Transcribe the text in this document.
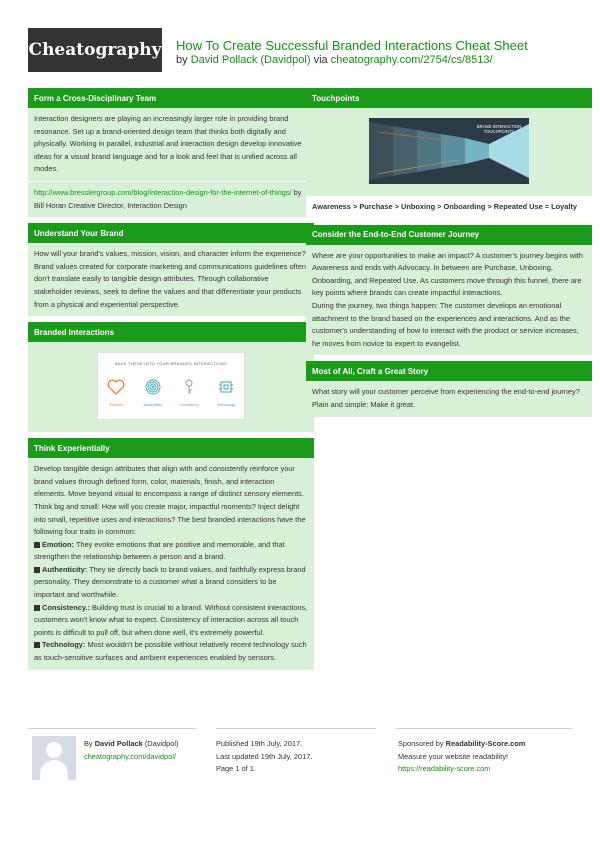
Cheatography How To Create Successful Branded Interactions Cheat Sheet
by David Pollack (Davidpol) via cheatography.com/2754/cs/8513/
Form a Cross-Disciplinary Team
Interaction designers are playing an increasingly larger role in providing brand resonance. Set up a brand-oriented design team that thinks both digitally and physically. Working in parallel, industrial and interaction design develop innovative ideas for a visual brand language and for a look and feel that is unified across all modes.
http://www.bresslergroup.com/blog/interaction-design-for-the-internet-of-things/ by Bill Horan Creative Director, Interaction Design
Understand Your Brand
How will your brand's values, mission, vision, and character inform the experience? Brand values created for corporate marketing and communications guidelines often don't translate easily to tangible design attributes. Through collaborative stakeholder reviews, seek to define the values and that differentiate your products from a physical and experiential perspective.
Branded Interactions
BAKE THESE INTO YOUR BRANDED INTERACTIONS
Emotion	Authenticity	Consistency	Technology
Think Experientially
Develop tangible design attributes that align with and consistently reinforce your brand values through defined form, color, materials, finish, and interaction elements. Move beyond visual to encompass a range of distinct sensory elements. Think big and small: How will you create major, impactful moments? Inject delight into small, repetitive uses and interactions? The best branded interactions have the following four traits in common:
Emotion: They evoke emotions that are positive and memorable, and that strengthen the relationship between a person and a brand.
Authenticity: They tie directly back to brand values, and faithfully express brand personality. They demonstrate to a customer what a brand considers to be important and worthwhile.
Consistency.: Building trust is crucial to a brand. Without consistent interactions, customers won't know what to expect. Consistency of interaction across all touch points is difficult to pull off, but when done well, it's extremely powerful.
Technology: Most wouldn't be possible without relatively recent technology such as touch-sensitive surfaces and ambient experiences enabled by sensors.
Touchpoints
BRAND INTERACTION TOUCHPOINTS
Awareness > Purchase > Unboxing > Onboarding > Repeated Use = Loyalty
Consider the End-to-End Customer Journey
Where are your opportunities to make an impact? A customer's journey begins with Awareness and ends with Advocacy. In between are Purchase, Unboxing, Onboarding, and Repeated Use. As customers move through this funnel, there are key points where brands can create impactful interactions.
During the journey, two things happen: The customer develops an emotional attachment to the brand based on the experiences and interactions. And as the customer's understanding of how to interact with the product or service increases, he moves from novice to expert to evangelist.
Most of All, Craft a Great Story
What story will your customer perceive from experiencing the end-to-end journey? Plain and simple: Make it great.
By David Pollack (Davidpol)
cheatography.com/davidpol/
Published 19th July, 2017.
Last updated 19th July, 2017.
Page 1 of 1.
Sponsored by Readability-Score.com
Measure your website readability!
https://readability-score.com
